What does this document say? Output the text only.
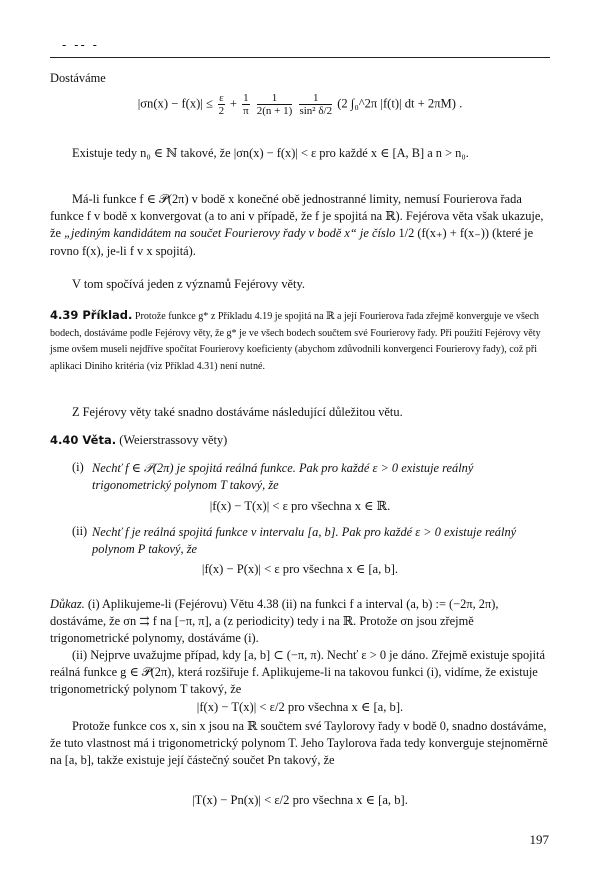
- -- -
Dostáváme
$|\sigma n(x) - f(x)| \le \frac{\varepsilon}{2} + \frac{1}{\pi}$
$\frac{1}{2(n + 1)}$
$\frac{1}{\text{sin² δ/2}} (2$ ∫₀^2π |f(t)| dt + 2πM) .
Existuje tedy n₀ ∈ ℕ takové, že |σn(x) − f(x)| < ε pro každé x ∈ [A, B] a n > n₀.
Má-li funkce f ∈ 𝒫(2π) v bodě x konečné obě jednostranné limity, nemusí Fourierova řada funkce f v bodě x konvergovat (a to ani v případě, že f je spojitá na ℝ). Fejérova věta však ukazuje, že „jediným kandidátem na součet Fourierovy řady v bodě x“ je číslo 1/2 (f(x₊) + f(x₋)) (které je rovno f(x), je-li f v x spojitá).
V tom spočívá jeden z významů Fejérovy věty.
4.39 Příklad. Protože funkce g* z Příkladu 4.19 je spojitá na ℝ a její Fourierova řada zřejmě konverguje ve všech bodech, dostáváme podle Fejérovy věty, že g* je ve všech bodech součtem své Fourierovy řady. Při použití Fejérovy věty jsme ovšem museli nejdříve spočítat Fourierovy koeficienty (abychom zdůvodnili konvergenci Fourierovy řady), což při aplikaci Diniho kritéria (viz Příklad 4.31) není nutné.
Z Fejérovy věty také snadno dostáváme následující důležitou větu.
4.40 Věta. (Weierstrassovy věty)
(i) Nechť f ∈ 𝒫(2π) je spojitá reálná funkce. Pak pro každé ε > 0 existuje reálný trigonometrický polynom T takový, že
|f(x) − T(x)| < ε pro všechna x ∈ ℝ.
(ii) Nechť f je reálná spojitá funkce v intervalu [a, b]. Pak pro každé ε > 0 existuje reálný polynom P takový, že
|f(x) − P(x)| < ε pro všechna x ∈ [a, b].
Důkaz. (i) Aplikujeme-li (Fejérovu) Větu 4.38 (ii) na funkci f a interval (a, b) := (−2π, 2π), dostáváme, že σn ⇉ f na [−π, π], a (z periodicity) tedy i na ℝ. Protože σn jsou zřejmě trigonometrické polynomy, dostáváme (i).
(ii) Nejprve uvažujme případ, kdy [a, b] ⊂ (−π, π). Nechť ε > 0 je dáno. Zřejmě existuje spojitá reálná funkce g ∈ 𝒫(2π), která rozšiřuje f. Aplikujeme-li na takovou funkci (i), vidíme, že existuje trigonometrický polynom T takový, že
|f(x) − T(x)| < ε/2 pro všechna x ∈ [a, b].
Protože funkce cos x, sin x jsou na ℝ součtem své Taylorovy řady v bodě 0, snadno dostáváme, že tuto vlastnost má i trigonometrický polynom T. Jeho Taylorova řada tedy konverguje stejnoměrně na [a, b], takže existuje její částečný součet Pn takový, že
|T(x) − Pn(x)| < ε/2 pro všechna x ∈ [a, b].
197
